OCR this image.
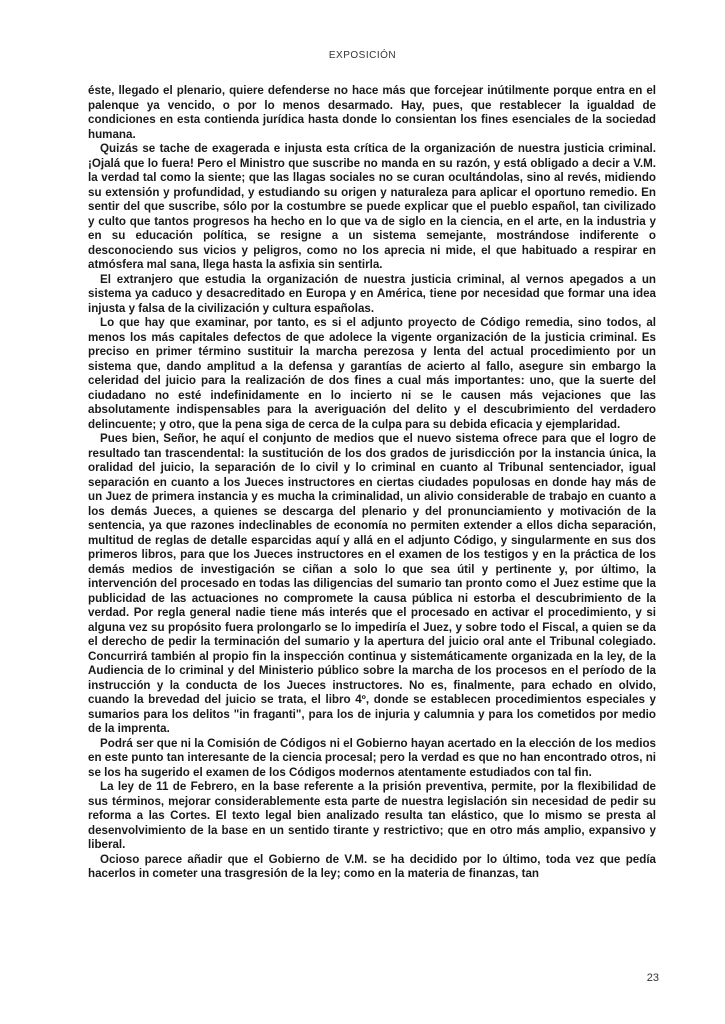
EXPOSICIÓN

éste, llegado el plenario, quiere defenderse no hace más que forcejear inútilmente porque entra en el palenque ya vencido, o por lo menos desarmado. Hay, pues, que restablecer la igualdad de condiciones en esta contienda jurídica hasta donde lo consientan los fines esenciales de la sociedad humana.

Quizás se tache de exagerada e injusta esta crítica de la organización de nuestra justicia criminal. ¡Ojalá que lo fuera! Pero el Ministro que suscribe no manda en su razón, y está obligado a decir a V.M. la verdad tal como la siente; que las llagas sociales no se curan ocultándolas, sino al revés, midiendo su extensión y profundidad, y estudiando su origen y naturaleza para aplicar el oportuno remedio. En sentir del que suscribe, sólo por la costumbre se puede explicar que el pueblo español, tan civilizado y culto que tantos progresos ha hecho en lo que va de siglo en la ciencia, en el arte, en la industria y en su educación política, se resigne a un sistema semejante, mostrándose indiferente o desconociendo sus vicios y peligros, como no los aprecia ni mide, el que habituado a respirar en atmósfera mal sana, llega hasta la asfixia sin sentirla.

El extranjero que estudia la organización de nuestra justicia criminal, al vernos apegados a un sistema ya caduco y desacreditado en Europa y en América, tiene por necesidad que formar una idea injusta y falsa de la civilización y cultura españolas.

Lo que hay que examinar, por tanto, es si el adjunto proyecto de Código remedia, sino todos, al menos los más capitales defectos de que adolece la vigente organización de la justicia criminal. Es preciso en primer término sustituir la marcha perezosa y lenta del actual procedimiento por un sistema que, dando amplitud a la defensa y garantías de acierto al fallo, asegure sin embargo la celeridad del juicio para la realización de dos fines a cual más importantes: uno, que la suerte del ciudadano no esté indefinidamente en lo incierto ni se le causen más vejaciones que las absolutamente indispensables para la averiguación del delito y el descubrimiento del verdadero delincuente; y otro, que la pena siga de cerca de la culpa para su debida eficacia y ejemplaridad.

Pues bien, Señor, he aquí el conjunto de medios que el nuevo sistema ofrece para que el logro de resultado tan trascendental: la sustitución de los dos grados de jurisdicción por la instancia única, la oralidad del juicio, la separación de lo civil y lo criminal en cuanto al Tribunal sentenciador, igual separación en cuanto a los Jueces instructores en ciertas ciudades populosas en donde hay más de un Juez de primera instancia y es mucha la criminalidad, un alivio considerable de trabajo en cuanto a los demás Jueces, a quienes se descarga del plenario y del pronunciamiento y motivación de la sentencia, ya que razones indeclinables de economía no permiten extender a ellos dicha separación, multitud de reglas de detalle esparcidas aquí y allá en el adjunto Código, y singularmente en sus dos primeros libros, para que los Jueces instructores en el examen de los testigos y en la práctica de los demás medios de investigación se ciñan a solo lo que sea útil y pertinente y, por último, la intervención del procesado en todas las diligencias del sumario tan pronto como el Juez estime que la publicidad de las actuaciones no compromete la causa pública ni estorba el descubrimiento de la verdad. Por regla general nadie tiene más interés que el procesado en activar el procedimiento, y si alguna vez su propósito fuera prolongarlo se lo impediría el Juez, y sobre todo el Fiscal, a quien se da el derecho de pedir la terminación del sumario y la apertura del juicio oral ante el Tribunal colegiado. Concurrirá también al propio fin la inspección continua y sistemáticamente organizada en la ley, de la Audiencia de lo criminal y del Ministerio público sobre la marcha de los procesos en el período de la instrucción y la conducta de los Jueces instructores. No es, finalmente, para echado en olvido, cuando la brevedad del juicio se trata, el libro 4º, donde se establecen procedimientos especiales y sumarios para los delitos "in fraganti", para los de injuria y calumnia y para los cometidos por medio de la imprenta.

Podrá ser que ni la Comisión de Códigos ni el Gobierno hayan acertado en la elección de los medios en este punto tan interesante de la ciencia procesal; pero la verdad es que no han encontrado otros, ni se los ha sugerido el examen de los Códigos modernos atentamente estudiados con tal fin.

La ley de 11 de Febrero, en la base referente a la prisión preventiva, permite, por la flexibilidad de sus términos, mejorar considerablemente esta parte de nuestra legislación sin necesidad de pedir su reforma a las Cortes. El texto legal bien analizado resulta tan elástico, que lo mismo se presta al desenvolvimiento de la base en un sentido tirante y restrictivo; que en otro más amplio, expansivo y liberal.

Ocioso parece añadir que el Gobierno de V.M. se ha decidido por lo último, toda vez que pedía hacerlos in cometer una trasgresión de la ley; como en la materia de finanzas, tan

23
